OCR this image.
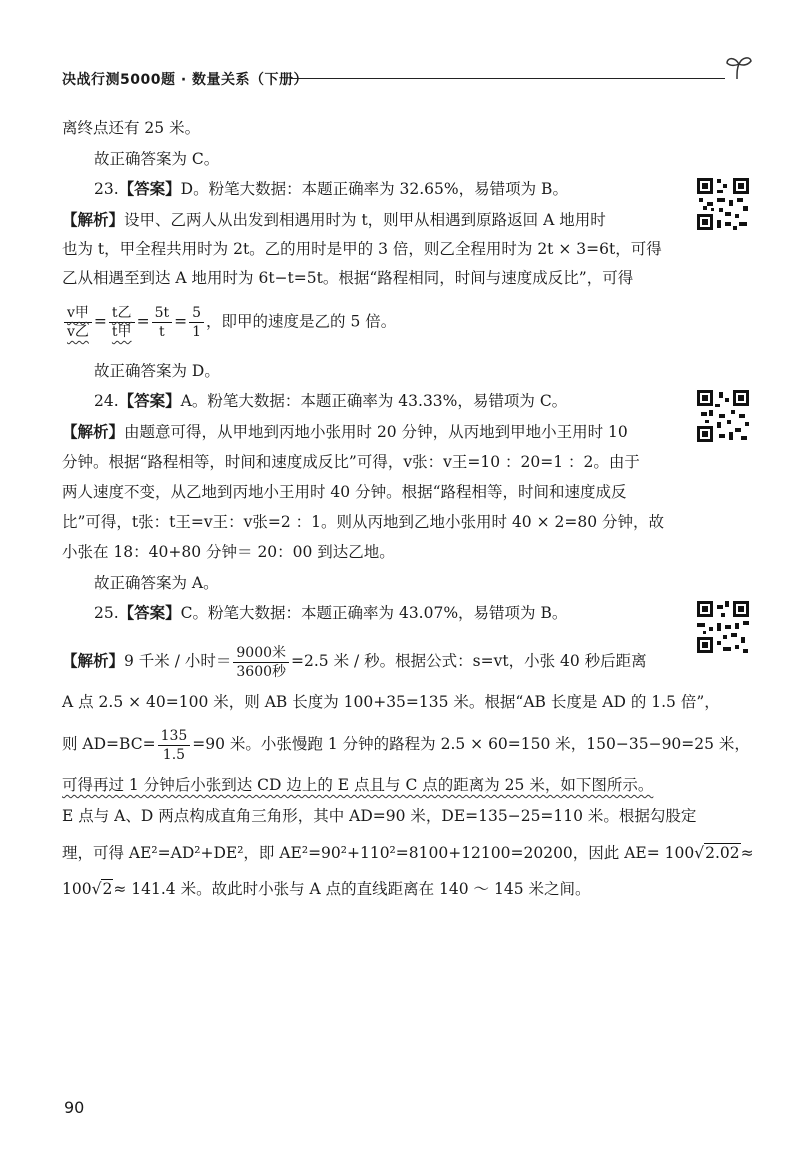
决战行测5000题 · 数量关系（下册）
离终点还有 25 米。
故正确答案为 C。
23.【答案】D。粉笔大数据：本题正确率为 32.65%，易错项为 B。
【解析】设甲、乙两人从出发到相遇用时为 t，则甲从相遇到原路返回 A 地用时
也为 t，甲全程共用时为 2t。乙的用时是甲的 3 倍，则乙全程用时为 2t × 3=6t，可得
乙从相遇至到达 A 地用时为 6t−t=5t。根据“路程相同，时间与速度成反比”，可得
$\frac{\text{v甲}}{\text{v乙}} = \frac{\text{t乙}}{\text{t甲}} = \frac{5t}{t} = \frac{5}{1}$ ，即甲的速度是乙的 5 倍。
故正确答案为 D。
24.【答案】A。粉笔大数据：本题正确率为 43.33%，易错项为 C。
【解析】由题意可得，从甲地到丙地小张用时 20 分钟，从丙地到甲地小王用时 10
分钟。根据“路程相等，时间和速度成反比”可得，v张：v王=10 ：20=1 ：2。由于
两人速度不变，从乙地到丙地小王用时 40 分钟。根据“路程相等，时间和速度成反
比”可得，t张：t王=v王：v张=2 ：1。则从丙地到乙地小张用时 40 × 2=80 分钟，故
小张在 18：40+80 分钟＝ 20：00 到达乙地。
故正确答案为 A。
25.【答案】C。粉笔大数据：本题正确率为 43.07%，易错项为 B。
【解析】9 千米 / 小时＝ $\frac{\text{9000米}}{\text{3600秒}} =2.5$ 米 / 秒。根据公式：s=vt，小张 40 秒后距离
A 点 2.5 × 40=100 米，则 AB 长度为 100+35=135 米。根据“AB 长度是 AD 的 1.5 倍”，
则 $AD=BC= \frac{135}{1.5} =90$ 米。小张慢跑 1 分钟的路程为 2.5 × 60=150 米，150−35−90=25 米，
可得再过 1 分钟后小张到达 CD 边上的 E 点且与 C 点的距离为 25 米，如下图所示。
E 点与 A、D 两点构成直角三角形，其中 AD=90 米，DE=135−25=110 米。根据勾股定
理，可得 AE²=AD²+DE²，即 AE²=90²+110²=8100+12100=20200，因此 AE= 100√2.02≈
100√2≈ 141.4 米。故此时小张与 A 点的直线距离在 140 ～ 145 米之间。
90
